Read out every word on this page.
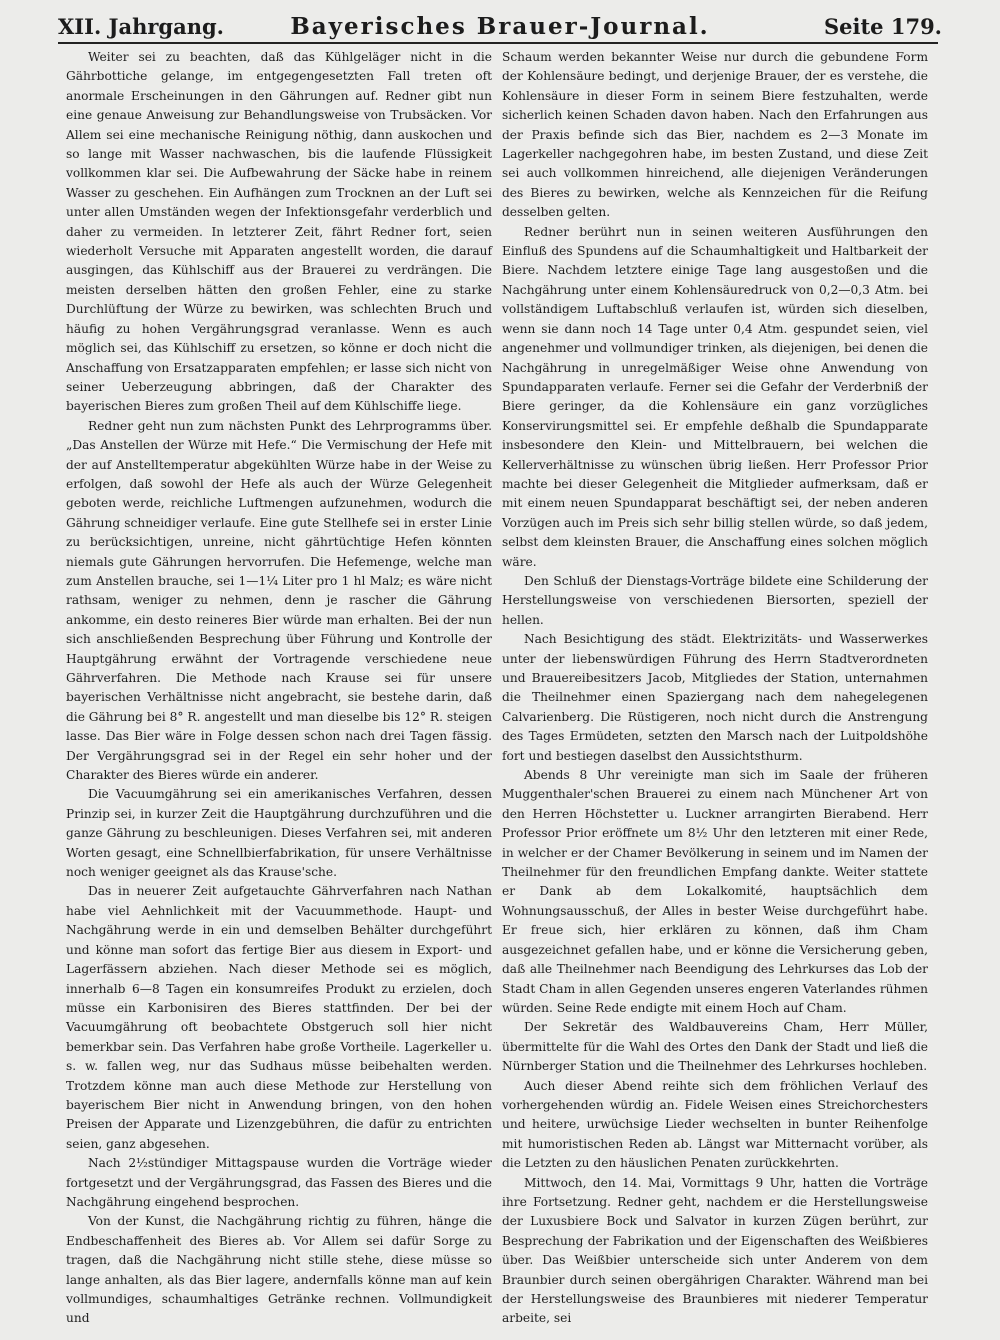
XII. Jahrgang.	Bayerisches Brauer-Journal.	Seite 179.

Weiter sei zu beachten, daß das Kühlgeläger nicht in die Gährbottiche gelange, im entgegengesetzten Fall treten oft anormale Erscheinungen in den Gährungen auf. Redner gibt nun eine genaue Anweisung zur Behandlungsweise von Trubsäcken. Vor Allem sei eine mechanische Reinigung nöthig, dann auskochen und so lange mit Wasser nachwaschen, bis die laufende Flüssigkeit vollkommen klar sei. Die Aufbewahrung der Säcke habe in reinem Wasser zu geschehen. Ein Aufhängen zum Trocknen an der Luft sei unter allen Umständen wegen der Infektionsgefahr verderblich und daher zu vermeiden. In letzterer Zeit, fährt Redner fort, seien wiederholt Versuche mit Apparaten angestellt worden, die darauf ausgingen, das Kühlschiff aus der Brauerei zu verdrängen. Die meisten derselben hätten den großen Fehler, eine zu starke Durchlüftung der Würze zu bewirken, was schlechten Bruch und häufig zu hohen Vergährungsgrad veranlasse. Wenn es auch möglich sei, das Kühlschiff zu ersetzen, so könne er doch nicht die Anschaffung von Ersatzapparaten empfehlen; er lasse sich nicht von seiner Ueberzeugung abbringen, daß der Charakter des bayerischen Bieres zum großen Theil auf dem Kühlschiffe liege.

Redner geht nun zum nächsten Punkt des Lehrprogramms über. „Das Anstellen der Würze mit Hefe.“ Die Vermischung der Hefe mit der auf Anstelltemperatur abgekühlten Würze habe in der Weise zu erfolgen, daß sowohl der Hefe als auch der Würze Gelegenheit geboten werde, reichliche Luftmengen aufzunehmen, wodurch die Gährung schneidiger verlaufe. Eine gute Stellhefe sei in erster Linie zu berücksichtigen, unreine, nicht gährtüchtige Hefen könnten niemals gute Gährungen hervorrufen. Die Hefemenge, welche man zum Anstellen brauche, sei 1—1¼ Liter pro 1 hl Malz; es wäre nicht rathsam, weniger zu nehmen, denn je rascher die Gährung ankomme, ein desto reineres Bier würde man erhalten. Bei der nun sich anschließenden Besprechung über Führung und Kontrolle der Hauptgährung erwähnt der Vortragende verschiedene neue Gährverfahren. Die Methode nach Krause sei für unsere bayerischen Verhältnisse nicht angebracht, sie bestehe darin, daß die Gährung bei 8° R. angestellt und man dieselbe bis 12° R. steigen lasse. Das Bier wäre in Folge dessen schon nach drei Tagen fässig. Der Vergährungsgrad sei in der Regel ein sehr hoher und der Charakter des Bieres würde ein anderer.

Die Vacuumgährung sei ein amerikanisches Verfahren, dessen Prinzip sei, in kurzer Zeit die Hauptgährung durchzuführen und die ganze Gährung zu beschleunigen. Dieses Verfahren sei, mit anderen Worten gesagt, eine Schnellbierfabrikation, für unsere Verhältnisse noch weniger geeignet als das Krause'sche.

Das in neuerer Zeit aufgetauchte Gährverfahren nach Nathan habe viel Aehnlichkeit mit der Vacuummethode. Haupt- und Nachgährung werde in ein und demselben Behälter durchgeführt und könne man sofort das fertige Bier aus diesem in Export- und Lagerfässern abziehen. Nach dieser Methode sei es möglich, innerhalb 6—8 Tagen ein konsumreifes Produkt zu erzielen, doch müsse ein Karbonisiren des Bieres stattfinden. Der bei der Vacuumgährung oft beobachtete Obstgeruch soll hier nicht bemerkbar sein. Das Verfahren habe große Vortheile. Lagerkeller u. s. w. fallen weg, nur das Sudhaus müsse beibehalten werden. Trotzdem könne man auch diese Methode zur Herstellung von bayerischem Bier nicht in Anwendung bringen, von den hohen Preisen der Apparate und Lizenzgebühren, die dafür zu entrichten seien, ganz abgesehen.

Nach 2½stündiger Mittagspause wurden die Vorträge wieder fortgesetzt und der Vergährungsgrad, das Fassen des Bieres und die Nachgährung eingehend besprochen.

Von der Kunst, die Nachgährung richtig zu führen, hänge die Endbeschaffenheit des Bieres ab. Vor Allem sei dafür Sorge zu tragen, daß die Nachgährung nicht stille stehe, diese müsse so lange anhalten, als das Bier lagere, andernfalls könne man auf kein vollmundiges, schaumhaltiges Getränke rechnen. Vollmundigkeit und

Schaum werden bekannter Weise nur durch die gebundene Form der Kohlensäure bedingt, und derjenige Brauer, der es verstehe, die Kohlensäure in dieser Form in seinem Biere festzuhalten, werde sicherlich keinen Schaden davon haben. Nach den Erfahrungen aus der Praxis befinde sich das Bier, nachdem es 2—3 Monate im Lagerkeller nachgegohren habe, im besten Zustand, und diese Zeit sei auch vollkommen hinreichend, alle diejenigen Veränderungen des Bieres zu bewirken, welche als Kennzeichen für die Reifung desselben gelten.

Redner berührt nun in seinen weiteren Ausführungen den Einfluß des Spundens auf die Schaumhaltigkeit und Haltbarkeit der Biere. Nachdem letztere einige Tage lang ausgestoßen und die Nachgährung unter einem Kohlensäuredruck von 0,2—0,3 Atm. bei vollständigem Luftabschluß verlaufen ist, würden sich dieselben, wenn sie dann noch 14 Tage unter 0,4 Atm. gespundet seien, viel angenehmer und vollmundiger trinken, als diejenigen, bei denen die Nachgährung in unregelmäßiger Weise ohne Anwendung von Spundapparaten verlaufe. Ferner sei die Gefahr der Verderbniß der Biere geringer, da die Kohlensäure ein ganz vorzügliches Konservirungsmittel sei. Er empfehle deßhalb die Spundapparate insbesondere den Klein- und Mittelbrauern, bei welchen die Kellerverhältnisse zu wünschen übrig ließen. Herr Professor Prior machte bei dieser Gelegenheit die Mitglieder aufmerksam, daß er mit einem neuen Spundapparat beschäftigt sei, der neben anderen Vorzügen auch im Preis sich sehr billig stellen würde, so daß jedem, selbst dem kleinsten Brauer, die Anschaffung eines solchen möglich wäre.

Den Schluß der Dienstags-Vorträge bildete eine Schilderung der Herstellungsweise von verschiedenen Biersorten, speziell der hellen.

Nach Besichtigung des städt. Elektrizitäts- und Wasserwerkes unter der liebenswürdigen Führung des Herrn Stadtverordneten und Brauereibesitzers Jacob, Mitgliedes der Station, unternahmen die Theilnehmer einen Spaziergang nach dem nahegelegenen Calvarienberg. Die Rüstigeren, noch nicht durch die Anstrengung des Tages Ermüdeten, setzten den Marsch nach der Luitpoldshöhe fort und bestiegen daselbst den Aussichtsthurm.

Abends 8 Uhr vereinigte man sich im Saale der früheren Muggenthaler'schen Brauerei zu einem nach Münchener Art von den Herren Höchstetter u. Luckner arrangirten Bierabend. Herr Professor Prior eröffnete um 8½ Uhr den letzteren mit einer Rede, in welcher er der Chamer Bevölkerung in seinem und im Namen der Theilnehmer für den freundlichen Empfang dankte. Weiter stattete er Dank ab dem Lokalkomité, hauptsächlich dem Wohnungsausschuß, der Alles in bester Weise durchgeführt habe. Er freue sich, hier erklären zu können, daß ihm Cham ausgezeichnet gefallen habe, und er könne die Versicherung geben, daß alle Theilnehmer nach Beendigung des Lehrkurses das Lob der Stadt Cham in allen Gegenden unseres engeren Vaterlandes rühmen würden. Seine Rede endigte mit einem Hoch auf Cham.

Der Sekretär des Waldbauvereins Cham, Herr Müller, übermittelte für die Wahl des Ortes den Dank der Stadt und ließ die Nürnberger Station und die Theilnehmer des Lehrkurses hochleben.

Auch dieser Abend reihte sich dem fröhlichen Verlauf des vorhergehenden würdig an. Fidele Weisen eines Streichorchesters und heitere, urwüchsige Lieder wechselten in bunter Reihenfolge mit humoristischen Reden ab. Längst war Mitternacht vorüber, als die Letzten zu den häuslichen Penaten zurückkehrten.

Mittwoch, den 14. Mai, Vormittags 9 Uhr, hatten die Vorträge ihre Fortsetzung. Redner geht, nachdem er die Herstellungsweise der Luxusbiere Bock und Salvator in kurzen Zügen berührt, zur Besprechung der Fabrikation und der Eigenschaften des Weißbieres über. Das Weißbier unterscheide sich unter Anderem von dem Braunbier durch seinen obergährigen Charakter. Während man bei der Herstellungsweise des Braunbieres mit niederer Temperatur arbeite, sei
